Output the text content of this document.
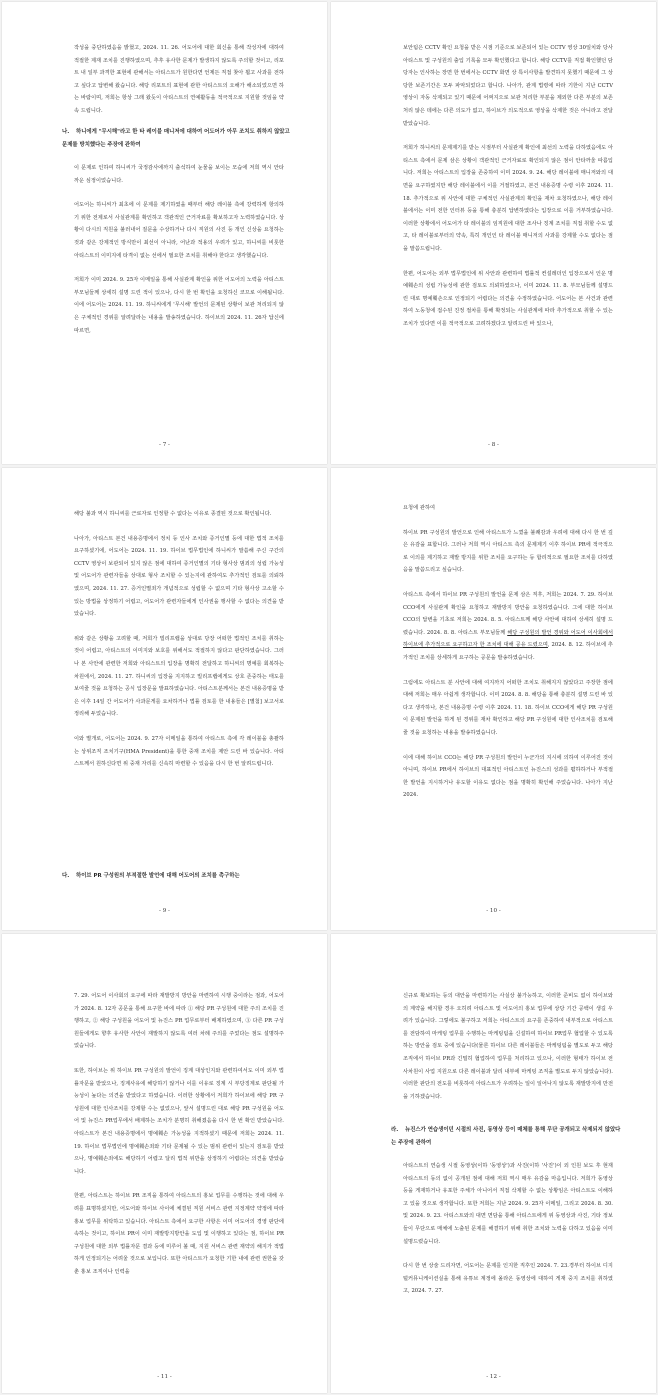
작성을 중단하였음을 밝혔고, 2024. 11. 26. 어도어에 대한 회신을 통해 작성자에 대하여 적절한 제재 조치를 진행하였으며, 추후 유사한 문제가 발생하지 않도록 주의할 것이고, 리포트 내 일부 과격한 표현에 관해서는 아티스트가 원한다면 언제든 직접 찾아 뵙고 사과를 전하고 싶다고 답변해 왔습니다. 해당 리포트의 표현에 관한 아티스트의 오해가 해소되었으면 하는 바람이며, 저희는 항상 그래 왔듯이 아티스트의 연예활동을 적극적으로 지원할 것임을 약속 드립니다.

나. 하니에게 "무시해"라고 한 타 레이블 매니저에 대하여 어도어가 아무 조치도 취하지 않았고 문제를 방치했다는 주장에 관하여

이 문제로 인하여 하니씨가 국정감사에까지 출석하여 눈물을 보이는 모습에 저희 역시 안타까운 심정이었습니다.

어도어는 하니씨가 최초에 이 문제를 제기하였을 때부터 해당 레이블 측에 강력하게 항의하기 위한 전제로서 사실관계를 확인하고 객관적인 근거자료를 확보하고자 노력하였습니다. 상황이 다시의 직원을 불러내어 질문을 수상하거나 다시 직원의 사진 등 개인 신상을 요청하는 것과 같은 강제적인 방식만이 최선이 아니라, 어난과 적용의 우려가 있고, 하니씨를 비롯한 아티스트의 이미지에 타격이 없는 선에서 필요한 조치를 취해야 한다고 생각했습니다.

저희가 이미 2024. 9. 25자 이메일을 통해 사실관계 확인을 위한 어도어의 노력을 아티스트 부모님들께 상세히 설명 드린 적이 있으나, 다시 한 번 확인을 요청하신 코므로 이해됩니다. 이에 어도어는 2024. 11. 19. 하니씨에게 '무시해' 발언의 문제된 상황이 보관 처리되지 않은 구체적인 경위를 알려달라는 내용을 발송하였습니다. 하이브의 2024. 11. 26자 답신에 따르면,

- 7 -

보안팀은 CCTV 확인 요청을 받은 시점 기준으로 보존되어 있는 CCTV 영상 30일치와 당사 아티스트 및 구성원의 출입 기록을 모두 확인했다고 합니다. 해당 CCTV를 직접 확인했던 담당자는 인사하는 장면 한 번에서는 CCTV 화면 상 특이사항을 발견하지 못했기 때문에 그 상당한 보존기간은 모두 파악되었다고 합니다. 나아가, 관계 법령에 따라 기한이 지난 CCTV 영상이 자동 삭제되고 있기 때문에 어쩌지으로 보관 처리한 부분을 제외한 다른 부분의 보존처리 않은 데에는 다른 의도가 없고, 하이브가 의도적으로 영상을 삭제한 것은 아니라고 전달 받았습니다.

저희가 하니씨의 문제제기를 받는 시점부터 사실관계 확인에 최선의 노력을 다하였음에도 아티스트 측에서 문제 삼은 상황이 객관적인 근거자료로 확인되지 않은 점이 안타까울 따름입니다. 저희는 아티스트의 입장을 존중하여 이미 2024. 9. 24. 해당 레이블에 매니저와의 대면을 요구하였지만 해당 레이블에서 이를 거절하였고, 본건 내용증명 수령 이후 2024. 11. 18. 추가적으로 위 사안에 대한 구체적인 사실관계의 확인을 재차 요청하였으나, 해당 레이블에서는 이미 전한 인터뷰 등을 통해 충분히 답변하였다는 입장으로 이를 거부하였습니다. 이러한 상황에서 어도어가 타 레이블의 임직원에 대한 조사나 징계 조치를 직접 취할 수도 없고, 타 레이블로부터의 약속, 특히 개인인 타 레이블 매니저의 사과를 강제할 수도 없다는 점을 말씀드립니다.

한편, 어도어는 외부 법무법인에 위 사안과 관련하여 법률적 컨설레더인 입장으로서 인운 명예훼손의 성립 가능성에 관한 검토도 의뢰하였으나, 이미 2024. 11. 8. 부모님들께 설명드린 대로 명예훼손으로 인정되기 어렵다는 의견을 수정하였습니다. 어도어는 본 사건과 관련하여 노동청에 접수된 진정 절차를 통해 확정되는 사실관계에 따라 추가적으로 취할 수 있는 조치가 있다면 이를 적극적으로 고려하겠다고 알려드린 바 있으나,

- 8 -

해당 불과 역시 하니씨를 근로자로 인정할 수 없다는 이유로 종결된 것으로 확인됩니다.

나아가, 아티스트 본건 내용증명에서 정치 등 인사 조치와 증거인멸 등에 대한 법적 조치를 요구하셨기에, 어도어는 2024. 11. 19. 하이브 법무법인에 하니씨가 말씀해 주신 구간의 CCTV 영상이 보관되어 있지 않은 점에 대하여 증거인멸의 기타 형사상 범죄의 성립 가능성 및 어도어가 관련자들을 상대로 형사 조치할 수 있는지에 관하여도 추가적인 검토를 의뢰하였으며, 2024. 11. 27. 증거인멸죄가 개념적으로 성립할 수 없으며 기타 형사상 고소할 수 있는 방법을 상정하기 어렵고, 어도어가 관련자들에게 인사권을 행사할 수 없다는 의견을 받았습니다.

위와 같은 상황을 고려할 때, 저희가 빌리프랩을 상대로 당장 어떠한 법적인 조치를 취하는 것이 어렵고, 아티스트의 이미지와 보호를 위해서도 적절하지 않다고 판단하였습니다. 그러나 본 사안에 관련한 저희와 아티스트의 입장을 명확히 전달하고 하니씨의 명예를 회복하는 차원에서, 2024. 11. 27. 하니씨의 입장을 지지하고 빌리프랩에게도 상호 존중하는 태도를 보여줄 것을 요청하는 공식 입장문을 발표하였습니다. 아티스트분께서는 본건 내용증명을 받은 이후 14일 간 어도어가 사과문게를 요차하거나 법률 검토를 한 내용들은 [별첨] 보고서로 정리해 두었습니다.

이와 별개로, 어도어는 2024. 9. 27자 이메일을 통하여 아티스트 측에 각 레이블을 총괄하는 상위조직 조치기구(HMA President)을 통한 중재 조치를 제안 드린 바 있습니다. 아티스트께서 원하신다면 위 중재 자리를 신속히 마련할 수 있음을 다시 한 번 알려드립니다.

다. 하이브 PR 구성원의 부적절한 발언에 대해 어도어의 조치를 촉구하는
- 9 -

요청에 관하여

하이브 PR 구성원의 발언으로 인해 아티스트가 느꼈을 불쾌감과 우려에 대해 다시 한 번 깊은 유감을 표합니다. 그러나 저희 역시 아티스트 측의 문제제기 이후 하이브 PR에 적극적으로 이의를 제기하고 재발 방지를 위한 조치를 요구하는 등 합리적으로 필요한 조치를 다하였음을 말씀드리고 싶습니다.

아티스트 측에서 하이브 PR 구성원의 발언을 문제 삼은 직후, 저희는 2024. 7. 29. 하이브 CCO에게 사실관계 확인을 요청하고 재발방지 방안을 요청하였습니다. 그에 대한 하이브 CCO의 답변을 기초로 저희는 2024. 8. 5. 아티스트께 해당 사안에 대하여 상세히 설명 드렸습니다. 2024. 8. 8. 아티스트 부모님들께 해당 구성원의 발언 경위와 어도어 이사회에서 하이브에 추가적으로 요구하고자 한 조치에 대해 공유 드렸으며, 2024. 8. 12. 하이브에 추가적인 조치를 상세하게 요구하는 공문을 발송하였습니다.

그럼에도 아티스트 분 사안에 대해 여지까지 어떠한 조치도 취해지지 않았다고 주장한 점에 대해 저희는 매우 아쉽게 생각합니다. 이미 2024. 8. 8. 해당을 통해 충분히 설명 드린 바 있다고 생각하나, 본건 내용증명 수령 이후 2024. 11. 18. 하이브 CCO에게 해당 PR 구성원이 문제된 발언을 하게 된 경위를 재차 확인하고 해당 PR 구성원에 대한 인사조치를 검토해 줄 것을 요청하는 내용을 발송하였습니다.

이에 대해 하이브 CCO는 해당 PR 구성원의 발언이 누군가의 지시에 의하여 이루어진 것이 아니며, 하이브 PR에서 하이브의 대표적인 아티스트인 뉴진스의 성과를 폄하하거나 부적절한 발언을 지시하거나 유도할 이유도 없다는 점을 명확히 확인해 주었습니다. 나아가 지난 2024.

- 10 -

7. 29. 어도어 이사회의 요구에 따라 재발방지 방안을 마련하여 시행 중이라는 점과, 어도어가 2024. 8. 12자 공문을 통해 요구한 바에 따라 ① 해당 PR 구성원에 대한 주의 조치를 진행하고, ② 해당 구성원을 어도어 및 뉴진스 PR 업무로부터 배제하였으며, ③ 다른 PR 구성원들에게도 향후 유사한 사안이 재발하지 않도록 여러 차례 주의를 주었다는 점도 설명하주었습니다.

또한, 하이브는 위 하이브 PR 구성원의 발언이 징계 대상인지와 관련하여서도 이미 외부 법률자문을 받았으나, 징계사유에 해당하기 않거나 이를 이유로 징계 시 부당징계로 판단될 가능성이 높다는 의견을 받았다고 하였습니다. 이러한 상황에서 저희가 하이브에 해당 PR 구성원에 대한 인사조치를 강제할 수는 없었으나, 앞서 설명드린 대로 해당 PR 구성원을 어도어 및 뉴진스 PR업무에서 배제하는 조치가 분명히 취해졌음을 다시 한 번 확인 받았습니다. 아티스트가 본건 내용증명에서 명예훼손 가능성을 지적하셨기 때문에 저희는 2024. 11. 19. 하이브 법무법인에 명예훼손죄와 기타 문제될 수 있는 범위 관련이 있는지 검토를 받았으나, 명예훼손죄에도 해당하기 어렵고 달리 법적 위반을 상정하기 어렵다는 의견을 받았습니다.

한편, 아티스트는 하이브 PR 조직을 통하여 아티스트의 홍보 업무를 수행하는 것에 대해 우려를 표명하셨지만, 어도어와 하이브 사이에 체결된 직원 서비스 관련 지정계약 약정에 따라 홍보 업무를 위탁하고 있습니다. 아티스트 측에서 요구한 사항은 이미 어도어의 경영 판단에 속하는 것이고, 하이브 PR이 이미 재발방지방안을 도입 및 이행하고 있다는 점, 하이브 PR 구성원에 대한 외부 법률자문 결과 등에 미루어 볼 때, 지원 서비스 관련 재약의 해지가 적법하게 인정되기는 어려울 것으로 보입니다. 또한 아티스트가 요청한 기한 내에 관련 권한을 갖춘 홍보 조직이나 인력을

- 11 -

신규로 확보하는 등의 대안을 마련하기는 사실상 불가능하고, 이러한 준비도 없이 하이브와의 계약을 해지할 경우 오히려 아티스트 및 어도어의 홍보 업무에 상당 기간 공백이 생길 우려가 있습니다. 그렇에도 불구하고 저희는 아티스트의 요구를 존중하여 내부적으로 아티스트를 전담하여 마케팅 업무를 수행하는 마케팅팀을 신설하여 하이브 PR업무 협업할 수 있도록 하는 방안을 검토 중에 있습니다(물론 하이브 다른 레이블들은 마케팅팀을 별도로 두고 해당 조직에서 하이브 PR과 긴밀히 협업하여 업무를 처리하고 있으나, 이러한 형태가 하이브 전사차원이 사업 지원으로 다른 레이블과 달리 내부에 마케팅 조직을 별도로 두지 않았습니다). 이러한 판단의 전도를 비롯하여 아티스트가 우려하는 일이 일어나지 않도록 재발방지에 만전을 기하겠습니다.

라. 뉴진스가 연습생이던 시절의 사진, 동영상 등이 매체를 통해 무단 공개되고 삭제되지 않았다는 주장에 관하여

아티스트의 연습생 시절 동영상(이하 '동영상')과 사진(이하 '사진')이 외 인원 보도 후 현재 아티스트의 동의 없이 공개된 점에 대해 저희 역시 매우 유감을 마음입니다. 저희가 동영상 등을 게재하거나 유포한 주체가 아니어서 직접 삭제할 수 없는 상황임은 아티스트도 이해하고 있을 것으로 생각합니다. 또한 저희는 지난 2024. 9. 25자 이메일, 그리고 2024. 8. 30. 및 2024. 9. 23. 아티스트와의 대면 면담을 통해 아티스트에게 위 동영상과 사진, 기타 정보들이 무단으로 매체에 노출된 문제를 해결하기 위해 취한 조치와 노력을 다하고 있음을 이미 설명드렸습니다.

다시 한 번 상술 드리자면, 어도어는 문제를 인지한 직후인 2024. 7. 23.경부터 하이브 디지털커뮤니케이션실을 통해 유튜브 계정에 올라온 동영상에 대하여 게재 중지 조치를 취하였고, 2024. 7. 27.

- 12 -
